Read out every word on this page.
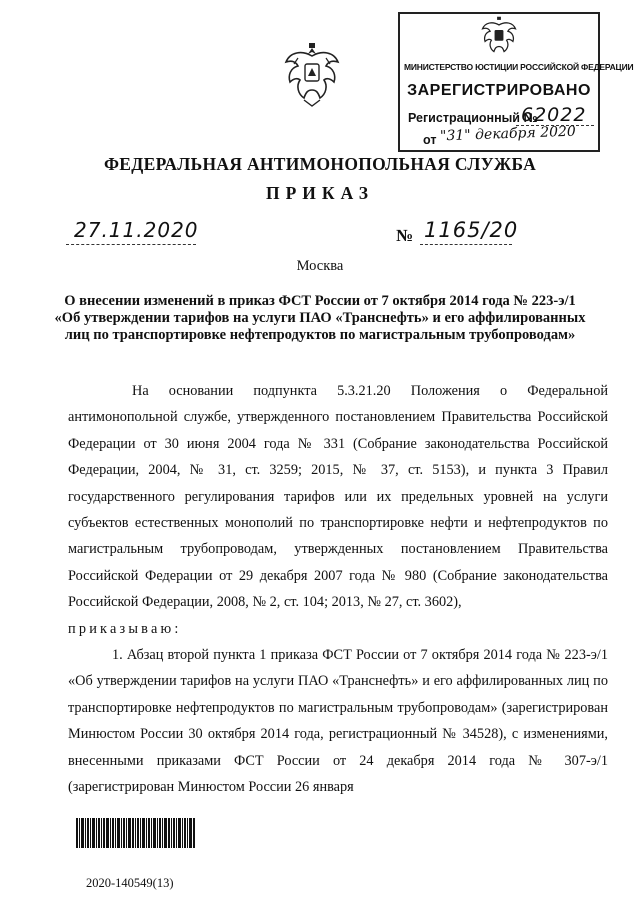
МИНИСТЕРСТВО ЮСТИЦИИ РОССИЙСКОЙ ФЕДЕРАЦИИ
ЗАРЕГИСТРИРОВАНО
Регистрационный №
62022
от "31" декабря 2020
ФЕДЕРАЛЬНАЯ АНТИМОНОПОЛЬНАЯ СЛУЖБА
ПРИКАЗ
27.11.2020	№ 1165/20
Москва
О внесении изменений в приказ ФСТ России от 7 октября 2014 года № 223-э/1 «Об утверждении тарифов на услуги ПАО «Транснефть» и его аффилированных лиц по транспортировке нефтепродуктов по магистральным трубопроводам»

На основании подпункта 5.3.21.20 Положения о Федеральной антимонопольной службе, утвержденного постановлением Правительства Российской Федерации от 30 июня 2004 года № 331 (Собрание законодательства Российской Федерации, 2004, № 31, ст. 3259; 2015, № 37, ст. 5153), и пункта 3 Правил государственного регулирования тарифов или их предельных уровней на услуги субъектов естественных монополий по транспортировке нефти и нефтепродуктов по магистральным трубопроводам, утвержденных постановлением Правительства Российской Федерации от 29 декабря 2007 года № 980 (Собрание законодательства Российской Федерации, 2008, № 2, ст. 104; 2013, № 27, ст. 3602),

приказываю:

1. Абзац второй пункта 1 приказа ФСТ России от 7 октября 2014 года № 223-э/1 «Об утверждении тарифов на услуги ПАО «Транснефть» и его аффилированных лиц по транспортировке нефтепродуктов по магистральным трубопроводам» (зарегистрирован Минюстом России 30 октября 2014 года, регистрационный № 34528), с изменениями, внесенными приказами ФСТ России от 24 декабря 2014 года № 307-э/1 (зарегистрирован Минюстом России 26 января

2020-140549(13)
